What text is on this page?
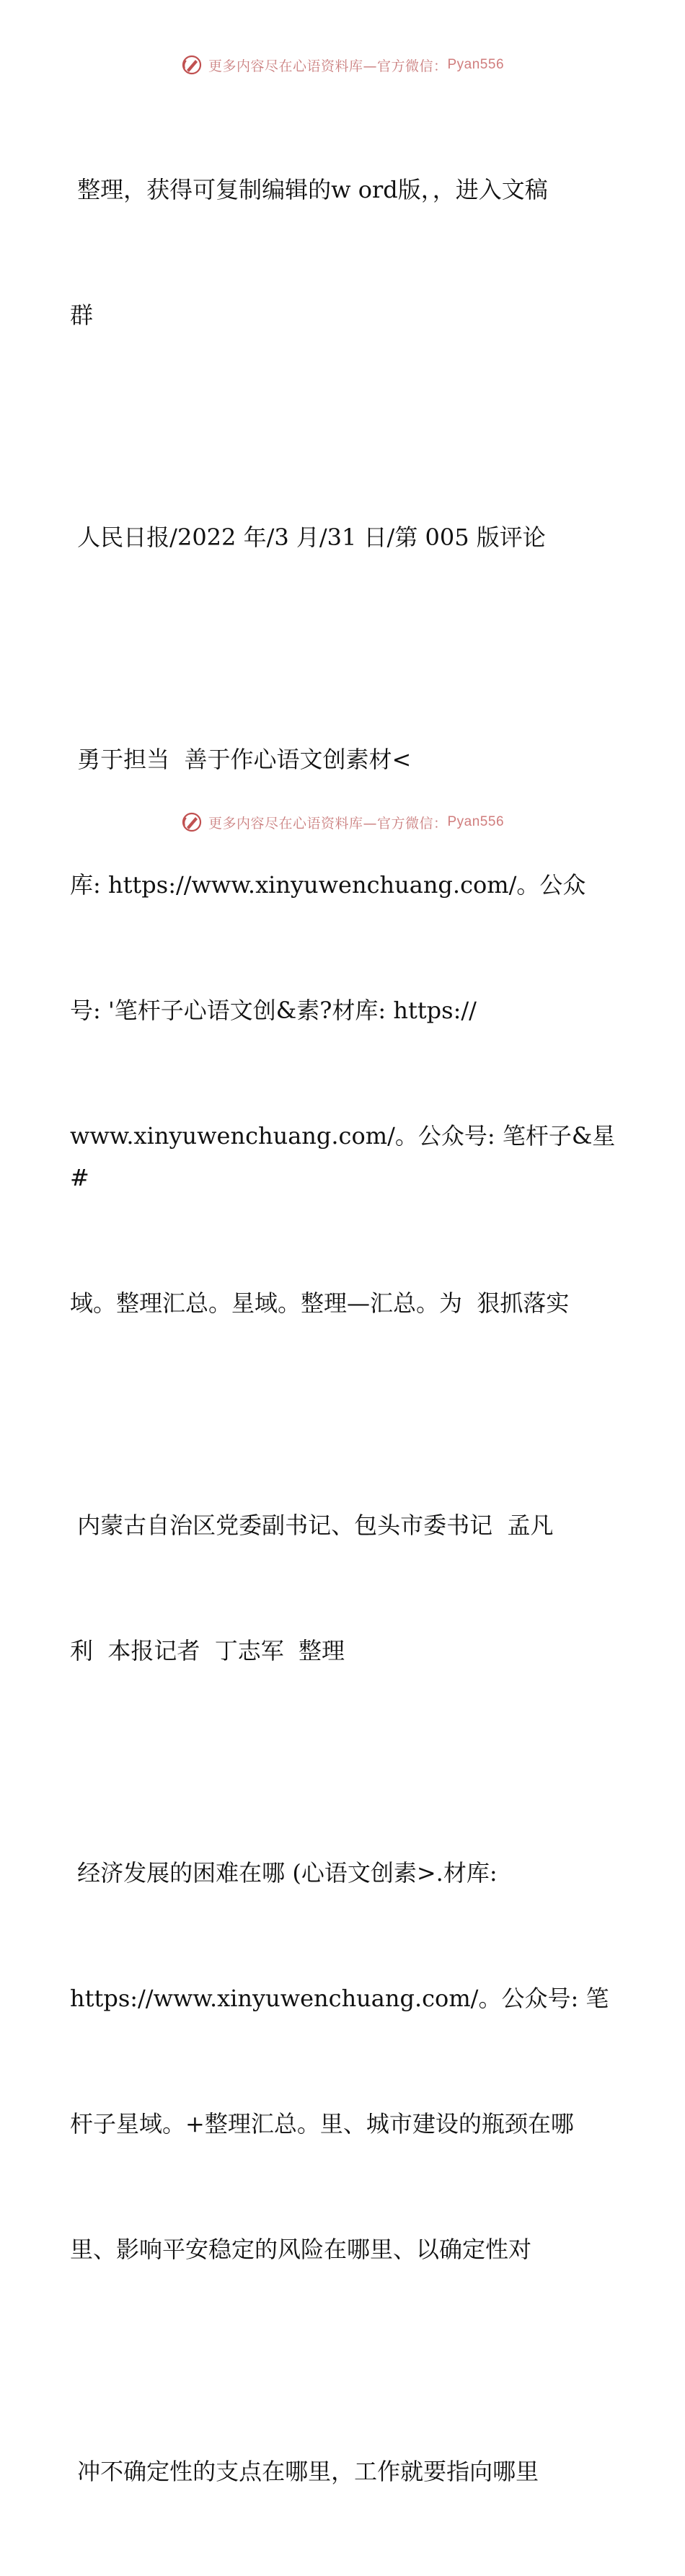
更多内容尽在心语资料库—官方微信： Pyan556

整理，获得可复制编辑的w ord版，，进入文稿

群

人民日报/2022 年/3 月/31 日/第 005 版评论

勇于担当  善于作心语文创素材<

库: https://www.xinyuwenchuang.com/。公众

号: '笔杆子心语文创&素?材库: https://

www.xinyuwenchuang.com/。公众号: 笔杆子&星#

域。整理汇总。星域。整理—汇总。为  狠抓落实

内蒙古自治区党委副书记、包头市委书记  孟凡

利  本报记者  丁志军  整理

经济发展的困难在哪 (心语文创素>.材库:

https://www.xinyuwenchuang.com/。公众号: 笔

杆子星域。+整理汇总。里、城市建设的瓶颈在哪

里、影响平安稳定的风险在哪里、以确定性对

冲不确定性的支点在哪里，工作就要指向哪里

更多内容尽在心语资料库—官方微信： Pyan556
